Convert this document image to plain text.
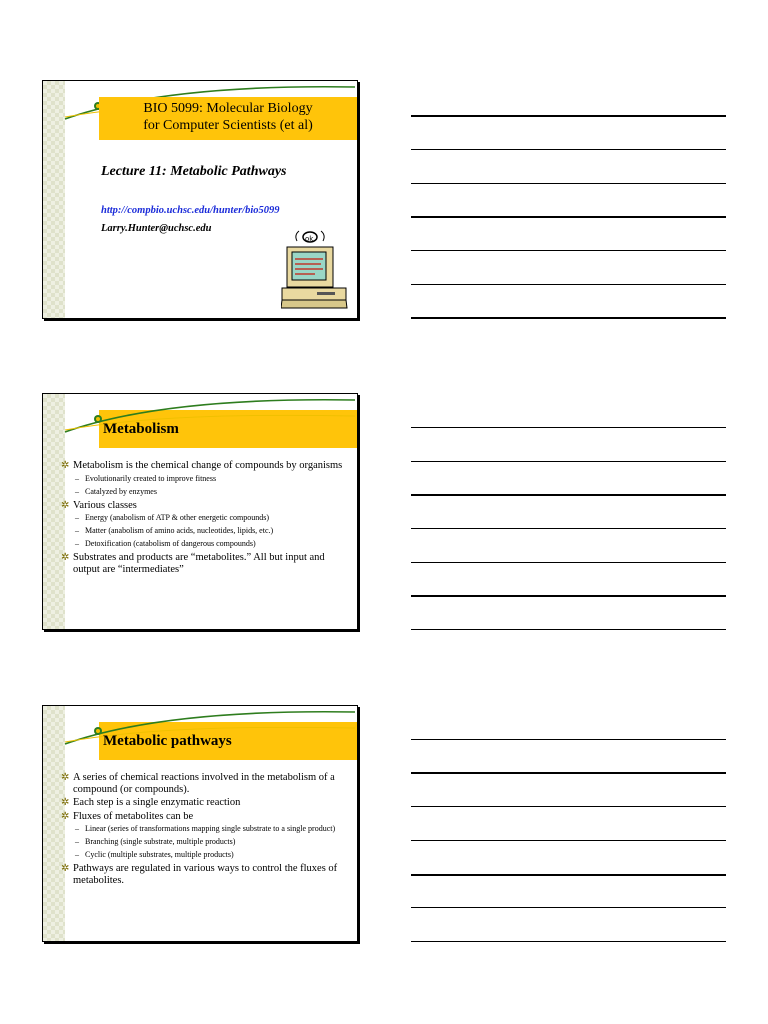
BIO 5099: Molecular Biology
for Computer Scientists (et al)
Lecture 11: Metabolic Pathways
http://compbio.uchsc.edu/hunter/bio5099
Larry.Hunter@uchsc.edu
ok
Metabolism
✲ Metabolism is the chemical change of compounds by organisms
– Evolutionarily created to improve fitness
– Catalyzed by enzymes
✲ Various classes
– Energy (anabolism of ATP & other energetic compounds)
– Matter (anabolism of amino acids, nucleotides, lipids, etc.)
– Detoxification (catabolism of dangerous compounds)
✲ Substrates and products are “metabolites.” All but input and output are “intermediates”
Metabolic pathways
✲ A series of chemical reactions involved in the metabolism of a compound (or compounds).
✲ Each step is a single enzymatic reaction
✲ Fluxes of metabolites can be
– Linear (series of transformations mapping single substrate to a single product)
– Branching (single substrate, multiple products)
– Cyclic (multiple substrates, multiple products)
✲ Pathways are regulated in various ways to control the fluxes of metabolites.
